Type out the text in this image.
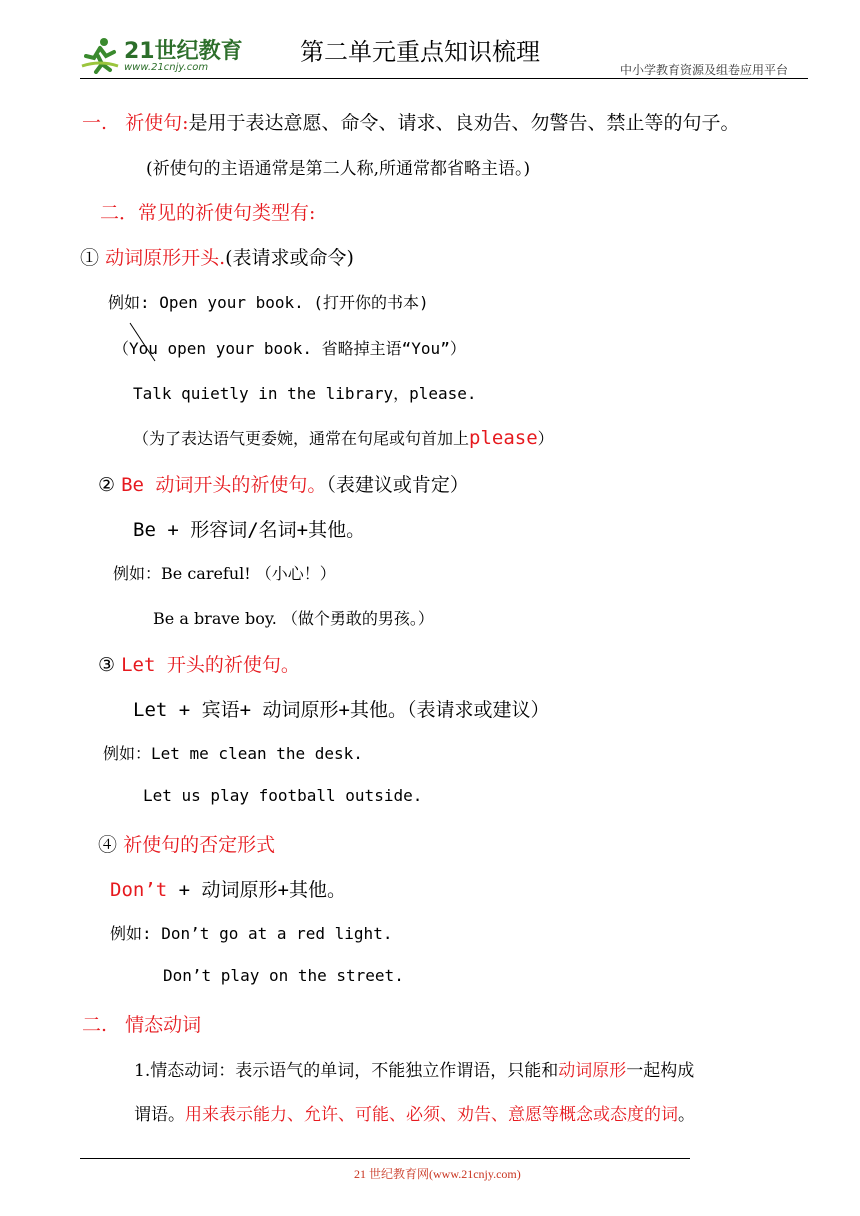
21世纪教育
www.21cnjy.com
第二单元重点知识梳理
中小学教育资源及组卷应用平台
一. 祈使句:是用于表达意愿、命令、请求、良劝告、勿警告、禁止等的句子。
(祈使句的主语通常是第二人称,所通常都省略主语。)
二．常见的祈使句类型有:
① 动词原形开头.(表请求或命令)
例如: Open your book. (打开你的书本)
（You open your book. 省略掉主语“You”）
Talk quietly in the library，please.
（为了表达语气更委婉，通常在句尾或句首加上please）
② Be 动词开头的祈使句。（表建议或肯定）
Be + 形容词/名词+其他。
例如：Be careful! （小心！）
Be a brave boy. （做个勇敢的男孩。）
③ Let 开头的祈使句。
Let + 宾语+ 动词原形+其他。（表请求或建议）
例如：Let me clean the desk.
Let us play football outside.
④ 祈使句的否定形式
Don’t + 动词原形+其他。
例如: Don’t go at a red light.
Don’t play on the street.
二. 情态动词
1.情态动词：表示语气的单词，不能独立作谓语，只能和动词原形一起构成
谓语。用来表示能力、允许、可能、必须、劝告、意愿等概念或态度的词。
21 世纪教育网(www.21cnjy.com)
